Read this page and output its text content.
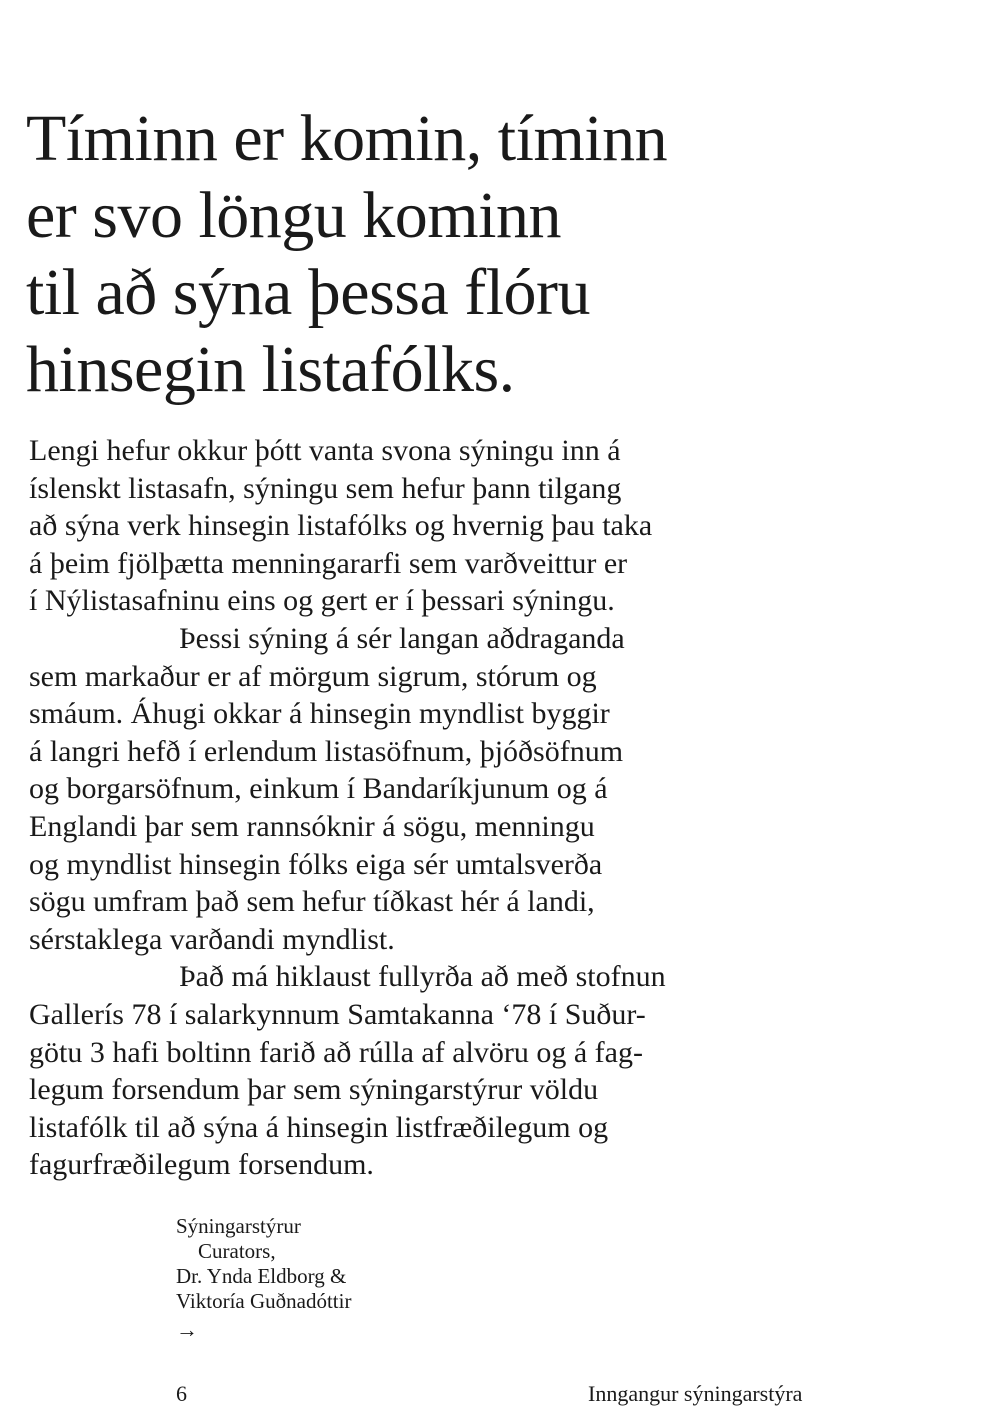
Tíminn er komin, tíminn
er svo löngu kominn
til að sýna þessa flóru
hinsegin listafólks.

Lengi hefur okkur þótt vanta svona sýningu inn á
íslenskt listasafn, sýningu sem hefur þann tilgang
að sýna verk hinsegin listafólks og hvernig þau taka
á þeim fjölþætta menningararfi sem varðveittur er
í Nýlistasafninu eins og gert er í þessari sýningu.

Þessi sýning á sér langan aðdraganda
sem markaður er af mörgum sigrum, stórum og
smáum. Áhugi okkar á hinsegin myndlist byggir
á langri hefð í erlendum listasöfnum, þjóðsöfnum
og borgarsöfnum, einkum í Bandaríkjunum og á
Englandi þar sem rannsóknir á sögu, menningu
og myndlist hinsegin fólks eiga sér umtalsverða
sögu umfram það sem hefur tíðkast hér á landi,
sérstaklega varðandi myndlist.

Það má hiklaust fullyrða að með stofnun
Gallerís 78 í salarkynnum Samtakanna ‘78 í Suður-
götu 3 hafi boltinn farið að rúlla af alvöru og á fag-
legum forsendum þar sem sýningarstýrur völdu
listafólk til að sýna á hinsegin listfræðilegum og
fagurfræðilegum forsendum.

Sýningarstýrur
Curators,
Dr. Ynda Eldborg &
Viktoría Guðnadóttir
→
6	Inngangur sýningarstýra
